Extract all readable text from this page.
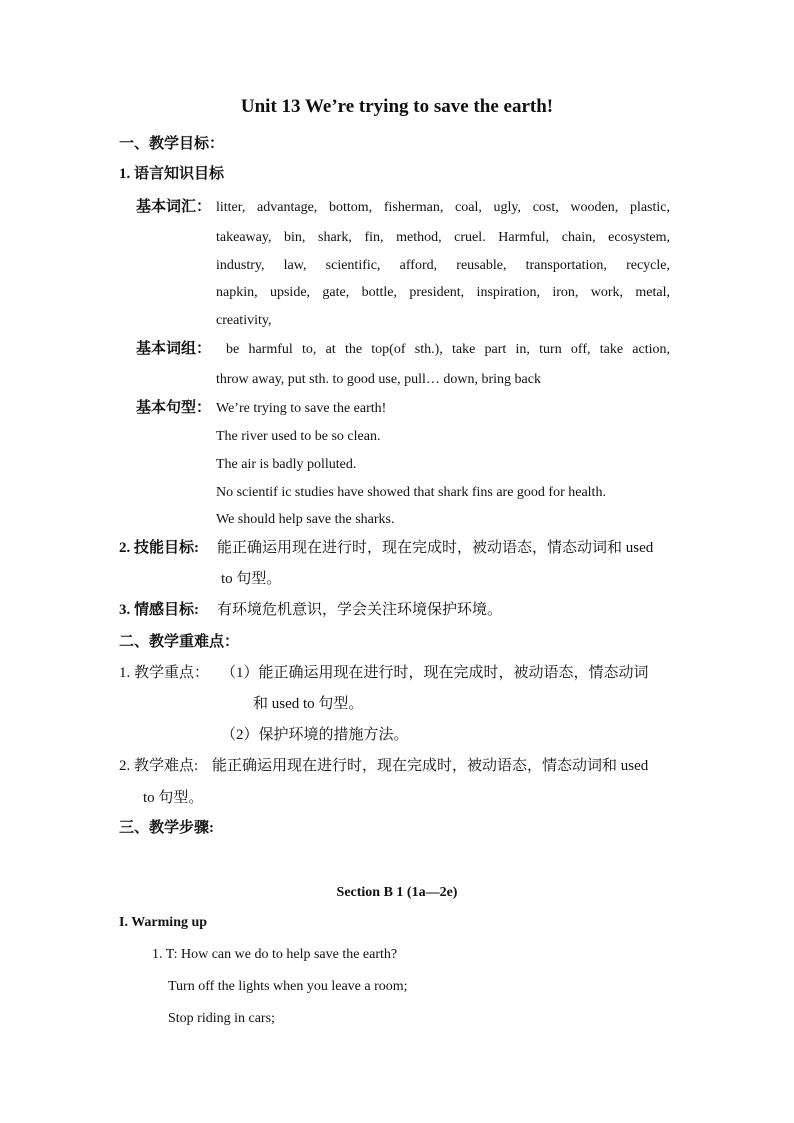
Unit 13 We’re trying to save the earth!
一、教学目标：
1. 语言知识目标
基本词汇： litter, advantage, bottom, fisherman, coal, ugly, cost, wooden, plastic,
takeaway, bin, shark, fin, method, cruel. Harmful, chain, ecosystem,
industry, law, scientific, afford, reusable, transportation, recycle,
napkin, upside, gate, bottle, president, inspiration, iron, work, metal,
creativity,
基本词组： be harmful to, at the top(of sth.), take part in, turn off, take action,
throw away, put sth. to good use, pull… down, bring back
基本句型： We’re trying to save the earth!
The river used to be so clean.
The air is badly polluted.
No scientif ic studies have showed that shark fins are good for health.
We should help save the sharks.
2. 技能目标: 能正确运用现在进行时，现在完成时，被动语态，情态动词和 used
to 句型。
3. 情感目标: 有环境危机意识，学会关注环境保护环境。
二、教学重难点：
1. 教学重点： （1）能正确运用现在进行时，现在完成时，被动语态，情态动词
和 used to 句型。
（2）保护环境的措施方法。
2. 教学难点: 能正确运用现在进行时，现在完成时，被动语态，情态动词和 used
to 句型。
三、教学步骤:
Section B 1 (1a—2e)
I. Warming up
1. T: How can we do to help save the earth?
Turn off the lights when you leave a room;
Stop riding in cars;
